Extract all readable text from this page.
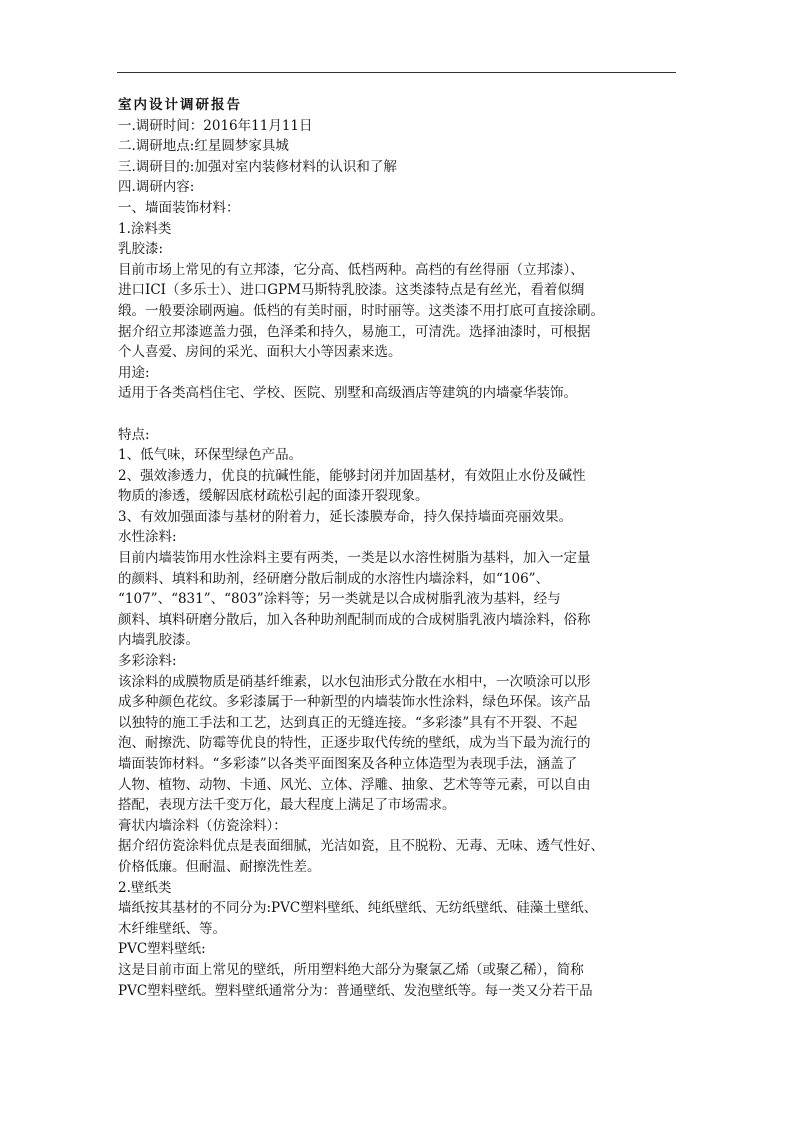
室内设计调研报告
一.调研时间：2016年11月11日
二.调研地点:红星圆梦家具城
三.调研目的:加强对室内装修材料的认识和了解
四.调研内容:
一、墙面装饰材料：
1.涂料类
乳胶漆:
目前市场上常见的有立邦漆，它分高、低档两种。高档的有丝得丽（立邦漆）、
进口ICI（多乐士）、进口GPM马斯特乳胶漆。这类漆特点是有丝光，看着似绸
缎。一般要涂刷两遍。低档的有美时丽，时时丽等。这类漆不用打底可直接涂刷。
据介绍立邦漆遮盖力强，色泽柔和持久，易施工，可清洗。选择油漆时，可根据
个人喜爱、房间的采光、面积大小等因素来选。
用途:
适用于各类高档住宅、学校、医院、别墅和高级酒店等建筑的内墙豪华装饰。
特点:
1、低气味，环保型绿色产品。
2、强效渗透力，优良的抗碱性能，能够封闭并加固基材，有效阻止水份及碱性
物质的渗透，缓解因底材疏松引起的面漆开裂现象。
3、有效加强面漆与基材的附着力，延长漆膜寿命，持久保持墙面亮丽效果。
水性涂料:
目前内墙装饰用水性涂料主要有两类，一类是以水溶性树脂为基料，加入一定量
的颜料、填料和助剂，经研磨分散后制成的水溶性内墙涂料，如“106”、
“107”、“831”、“803”涂料等；另一类就是以合成树脂乳液为基料，经与
颜料、填料研磨分散后，加入各种助剂配制而成的合成树脂乳液内墙涂料，俗称
内墙乳胶漆。
多彩涂料:
该涂料的成膜物质是硝基纤维素，以水包油形式分散在水相中，一次喷涂可以形
成多种颜色花纹。多彩漆属于一种新型的内墙装饰水性涂料，绿色环保。该产品
以独特的施工手法和工艺，达到真正的无缝连接。“多彩漆”具有不开裂、不起
泡、耐擦洗、防霉等优良的特性，正逐步取代传统的壁纸，成为当下最为流行的
墙面装饰材料。“多彩漆”以各类平面图案及各种立体造型为表现手法，涵盖了
人物、植物、动物、卡通、风光、立体、浮雕、抽象、艺术等等元素，可以自由
搭配，表现方法千变万化，最大程度上满足了市场需求。
膏状内墙涂料（仿瓷涂料）：
据介绍仿瓷涂料优点是表面细腻，光洁如瓷，且不脱粉、无毒、无味、透气性好、
价格低廉。但耐温、耐擦洗性差。
2.壁纸类
墙纸按其基材的不同分为:PVC塑料壁纸、纯纸壁纸、无纺纸壁纸、硅藻土壁纸、
木纤维壁纸、等。
PVC塑料壁纸:
这是目前市面上常见的壁纸，所用塑料绝大部分为聚氯乙烯（或聚乙稀），简称
PVC塑料壁纸。塑料壁纸通常分为：普通壁纸、发泡壁纸等。每一类又分若干品
